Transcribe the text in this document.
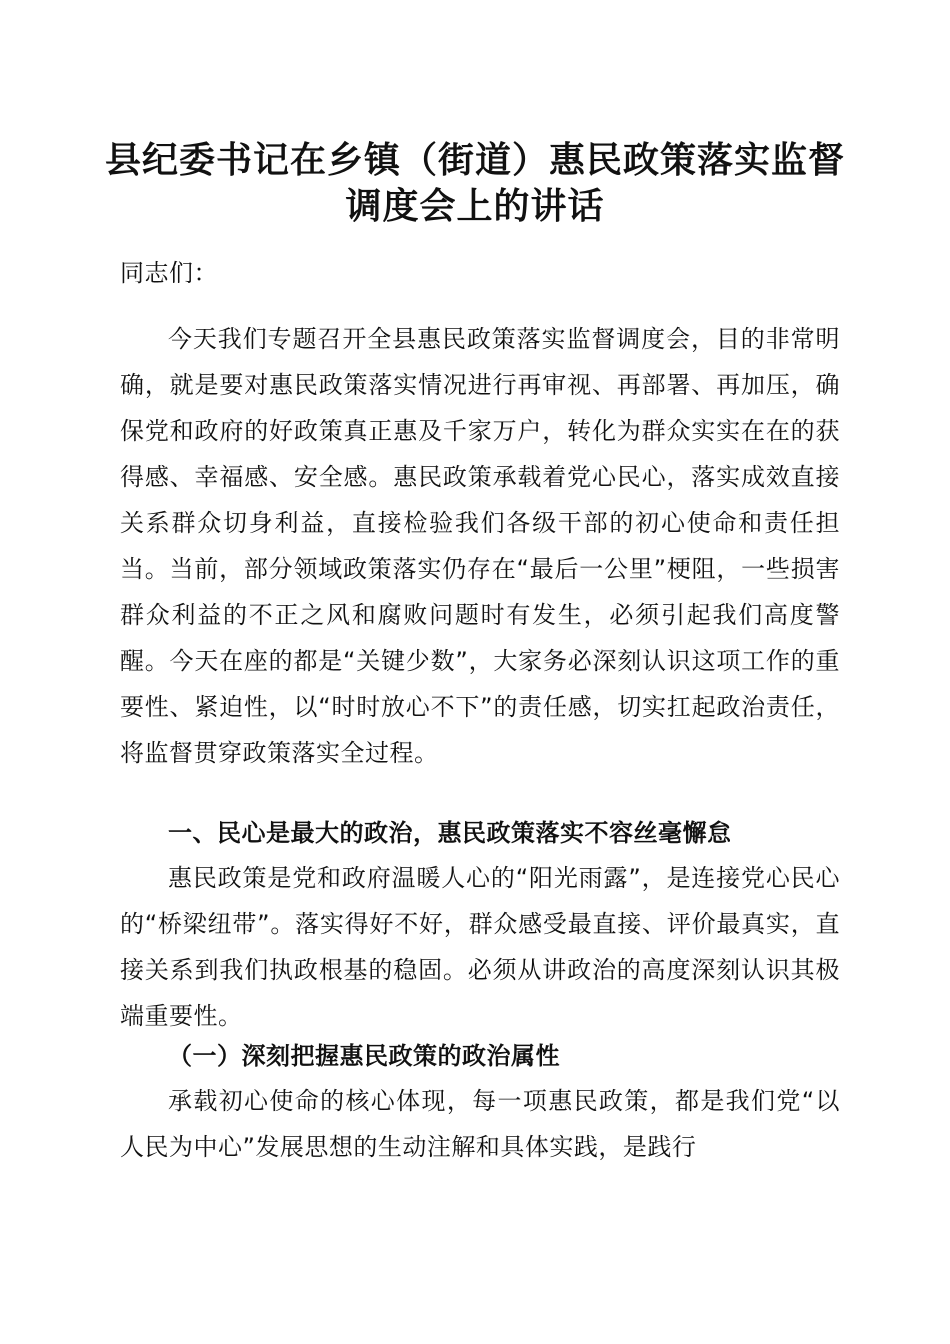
县纪委书记在乡镇（街道）惠民政策落实监督
调度会上的讲话

同志们：

今天我们专题召开全县惠民政策落实监督调度会，目的非常明确，就是要对惠民政策落实情况进行再审视、再部署、再加压，确保党和政府的好政策真正惠及千家万户，转化为群众实实在在的获得感、幸福感、安全感。惠民政策承载着党心民心，落实成效直接关系群众切身利益，直接检验我们各级干部的初心使命和责任担当。当前，部分领域政策落实仍存在“最后一公里”梗阻，一些损害群众利益的不正之风和腐败问题时有发生，必须引起我们高度警醒。今天在座的都是“关键少数”，大家务必深刻认识这项工作的重要性、紧迫性，以“时时放心不下”的责任感，切实扛起政治责任，将监督贯穿政策落实全过程。

一、民心是最大的政治，惠民政策落实不容丝毫懈怠

惠民政策是党和政府温暖人心的“阳光雨露”，是连接党心民心的“桥梁纽带”。落实得好不好，群众感受最直接、评价最真实，直接关系到我们执政根基的稳固。必须从讲政治的高度深刻认识其极端重要性。

（一）深刻把握惠民政策的政治属性

承载初心使命的核心体现，每一项惠民政策，都是我们党“以人民为中心”发展思想的生动注解和具体实践，是践行
